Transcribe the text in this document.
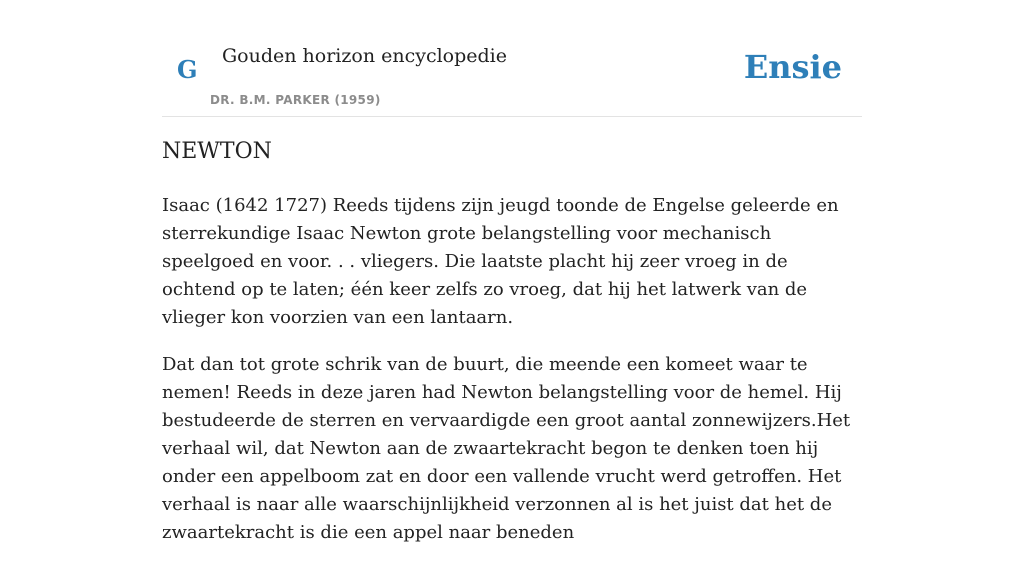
G Gouden horizon encyclopedie
DR. B.M. PARKER (1959)
Ensie
NEWTON

Isaac (1642 1727) Reeds tijdens zijn jeugd toonde de Engelse geleerde en sterrekundige Isaac Newton grote belangstelling voor mechanisch speelgoed en voor. . . vliegers. Die laatste placht hij zeer vroeg in de ochtend op te laten; één keer zelfs zo vroeg, dat hij het latwerk van de vlieger kon voorzien van een lantaarn.

Dat dan tot grote schrik van de buurt, die meende een komeet waar te nemen! Reeds in deze jaren had Newton belangstelling voor de hemel. Hij bestudeerde de sterren en vervaardigde een groot aantal zonnewijzers.Het verhaal wil, dat Newton aan de zwaartekracht begon te denken toen hij onder een appelboom zat en door een vallende vrucht werd getroffen. Het verhaal is naar alle waarschijnlijkheid verzonnen al is het juist dat het de zwaartekracht is die een appel naar beneden
